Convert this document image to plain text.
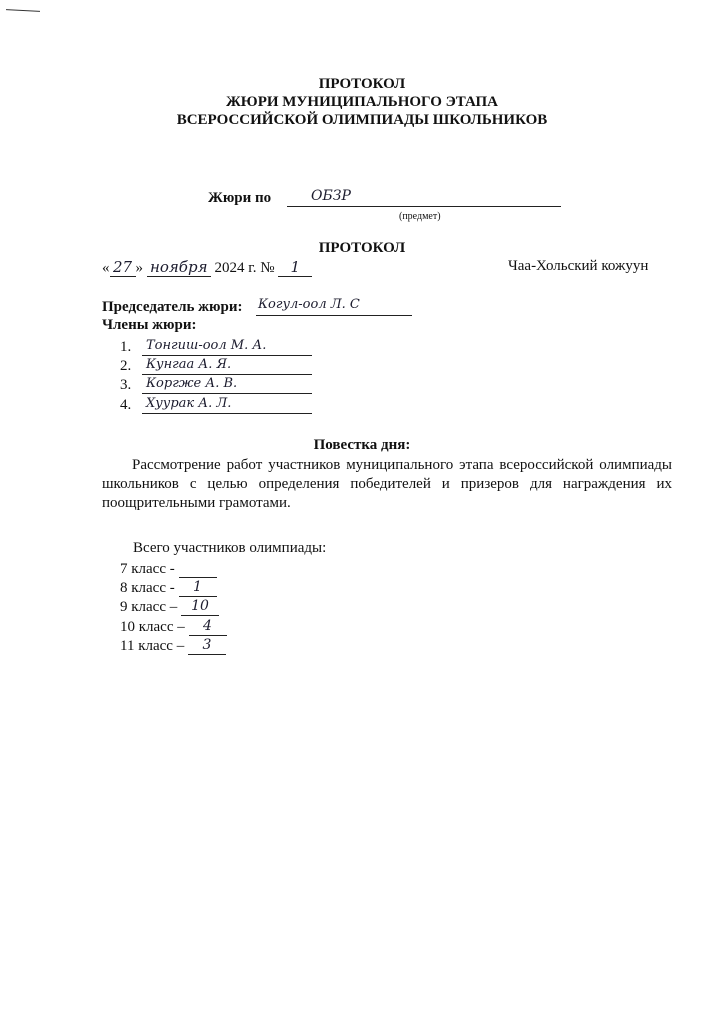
ПРОТОКОЛ
ЖЮРИ МУНИЦИПАЛЬНОГО ЭТАПА
ВСЕРОССИЙСКОЙ ОЛИМПИАДЫ ШКОЛЬНИКОВ
Жюри по	ОБЗР
(предмет)
ПРОТОКОЛ
« 27 » ноября 2024 г. № 1	Чаа-Хольский кожуун
Председатель жюри: Когул-оол Л. С
Члены жюри:
1. Тонгиш-оол М. А.
2. Кунгаа А. Я.
3. Коргже А. В.
4. Хуурак А. Л.
Повестка дня:
Рассмотрение работ участников муниципального этапа всероссийской олимпиады школьников с целью определения победителей и призеров для награждения их поощрительными грамотами.
Всего участников олимпиады:
7 класс -
8 класс - 1
9 класс – 10
10 класс – 4
11 класс – 3
